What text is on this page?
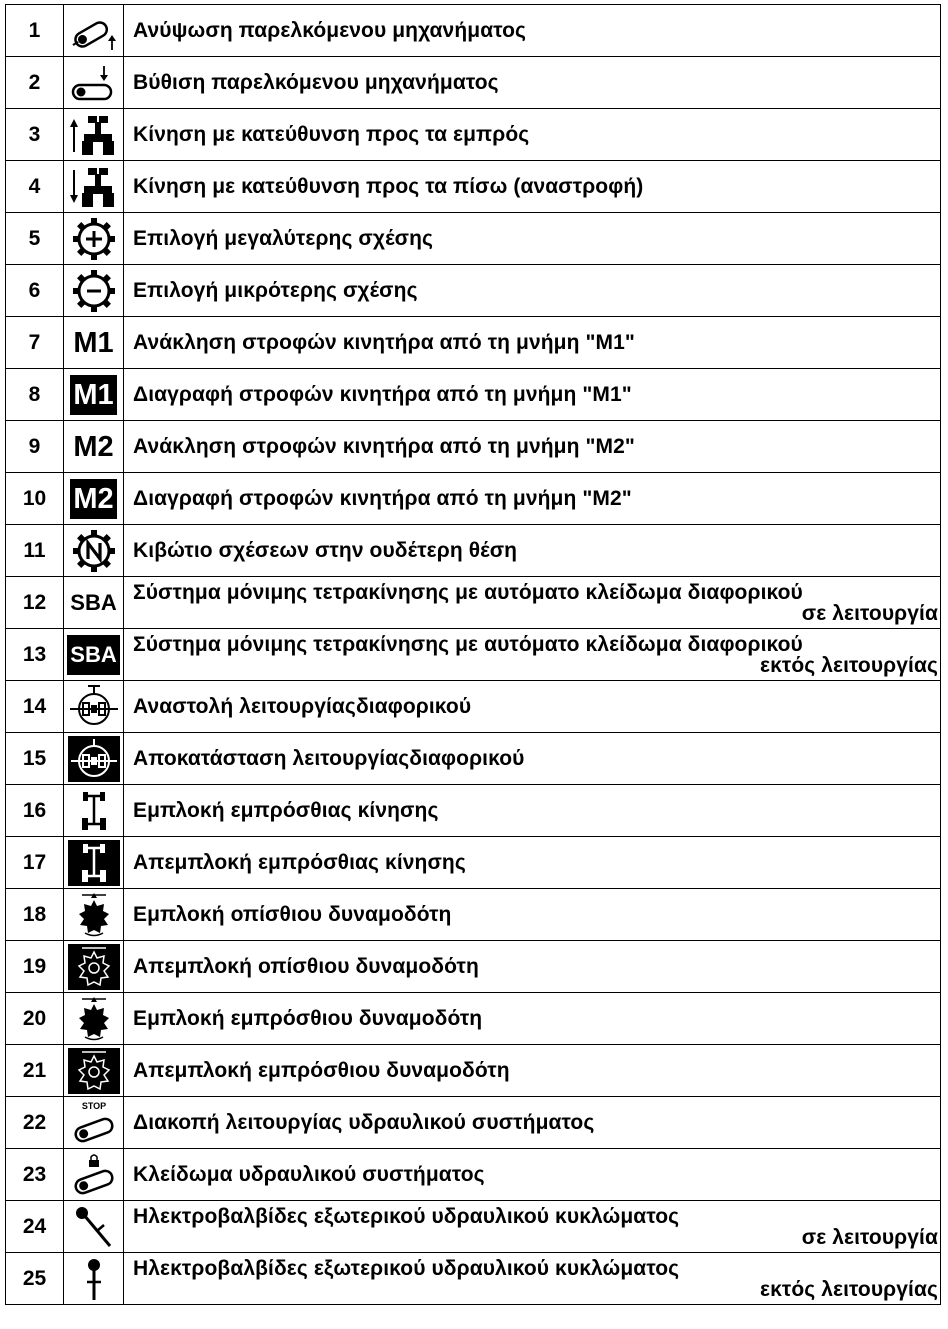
1		Ανύψωση παρελκόμενου μηχανήματος

2		Βύθιση παρελκόμενου μηχανήματος

3		Κίνηση με κατεύθυνση προς τα εμπρός

4		Κίνηση με κατεύθυνση προς τα πίσω (αναστροφή)

5		Επιλογή μεγαλύτερης σχέσης

6		Επιλογή μικρότερης σχέσης

7	M1	Ανάκληση στροφών κινητήρα από τη μνήμη "M1"

8	M1	Διαγραφή στροφών κινητήρα από τη μνήμη "M1"

9	M2	Ανάκληση στροφών κινητήρα από τη μνήμη "M2"

10	M2	Διαγραφή στροφών κινητήρα από τη μνήμη "M2"

11		Κιβώτιο σχέσεων στην ουδέτερη θέση

12	SBA	Σύστημα μόνιμης τετρακίνησης με αυτόματο κλείδωμα διαφορικού
σε λειτουργία

13	SBA	Σύστημα μόνιμης τετρακίνησης με αυτόματο κλείδωμα διαφορικού
εκτός λειτουργίας

14		Αναστολή λειτουργίαςδιαφορικού

15		Αποκατάσταση λειτουργίαςδιαφορικού

16		Εμπλοκή εμπρόσθιας κίνησης

17		Απεμπλοκή εμπρόσθιας κίνησης

18		Εμπλοκή οπίσθιου δυναμοδότη

19		Απεμπλοκή οπίσθιου δυναμοδότη

20		Εμπλοκή εμπρόσθιου δυναμοδότη

21		Απεμπλοκή εμπρόσθιου δυναμοδότη

22	STOP	Διακοπή λειτουργίας υδραυλικού συστήματος

23		Κλείδωμα υδραυλικού συστήματος

24		Ηλεκτροβαλβίδες εξωτερικού υδραυλικού κυκλώματος
σε λειτουργία

25		Ηλεκτροβαλβίδες εξωτερικού υδραυλικού κυκλώματος
εκτός λειτουργίας
